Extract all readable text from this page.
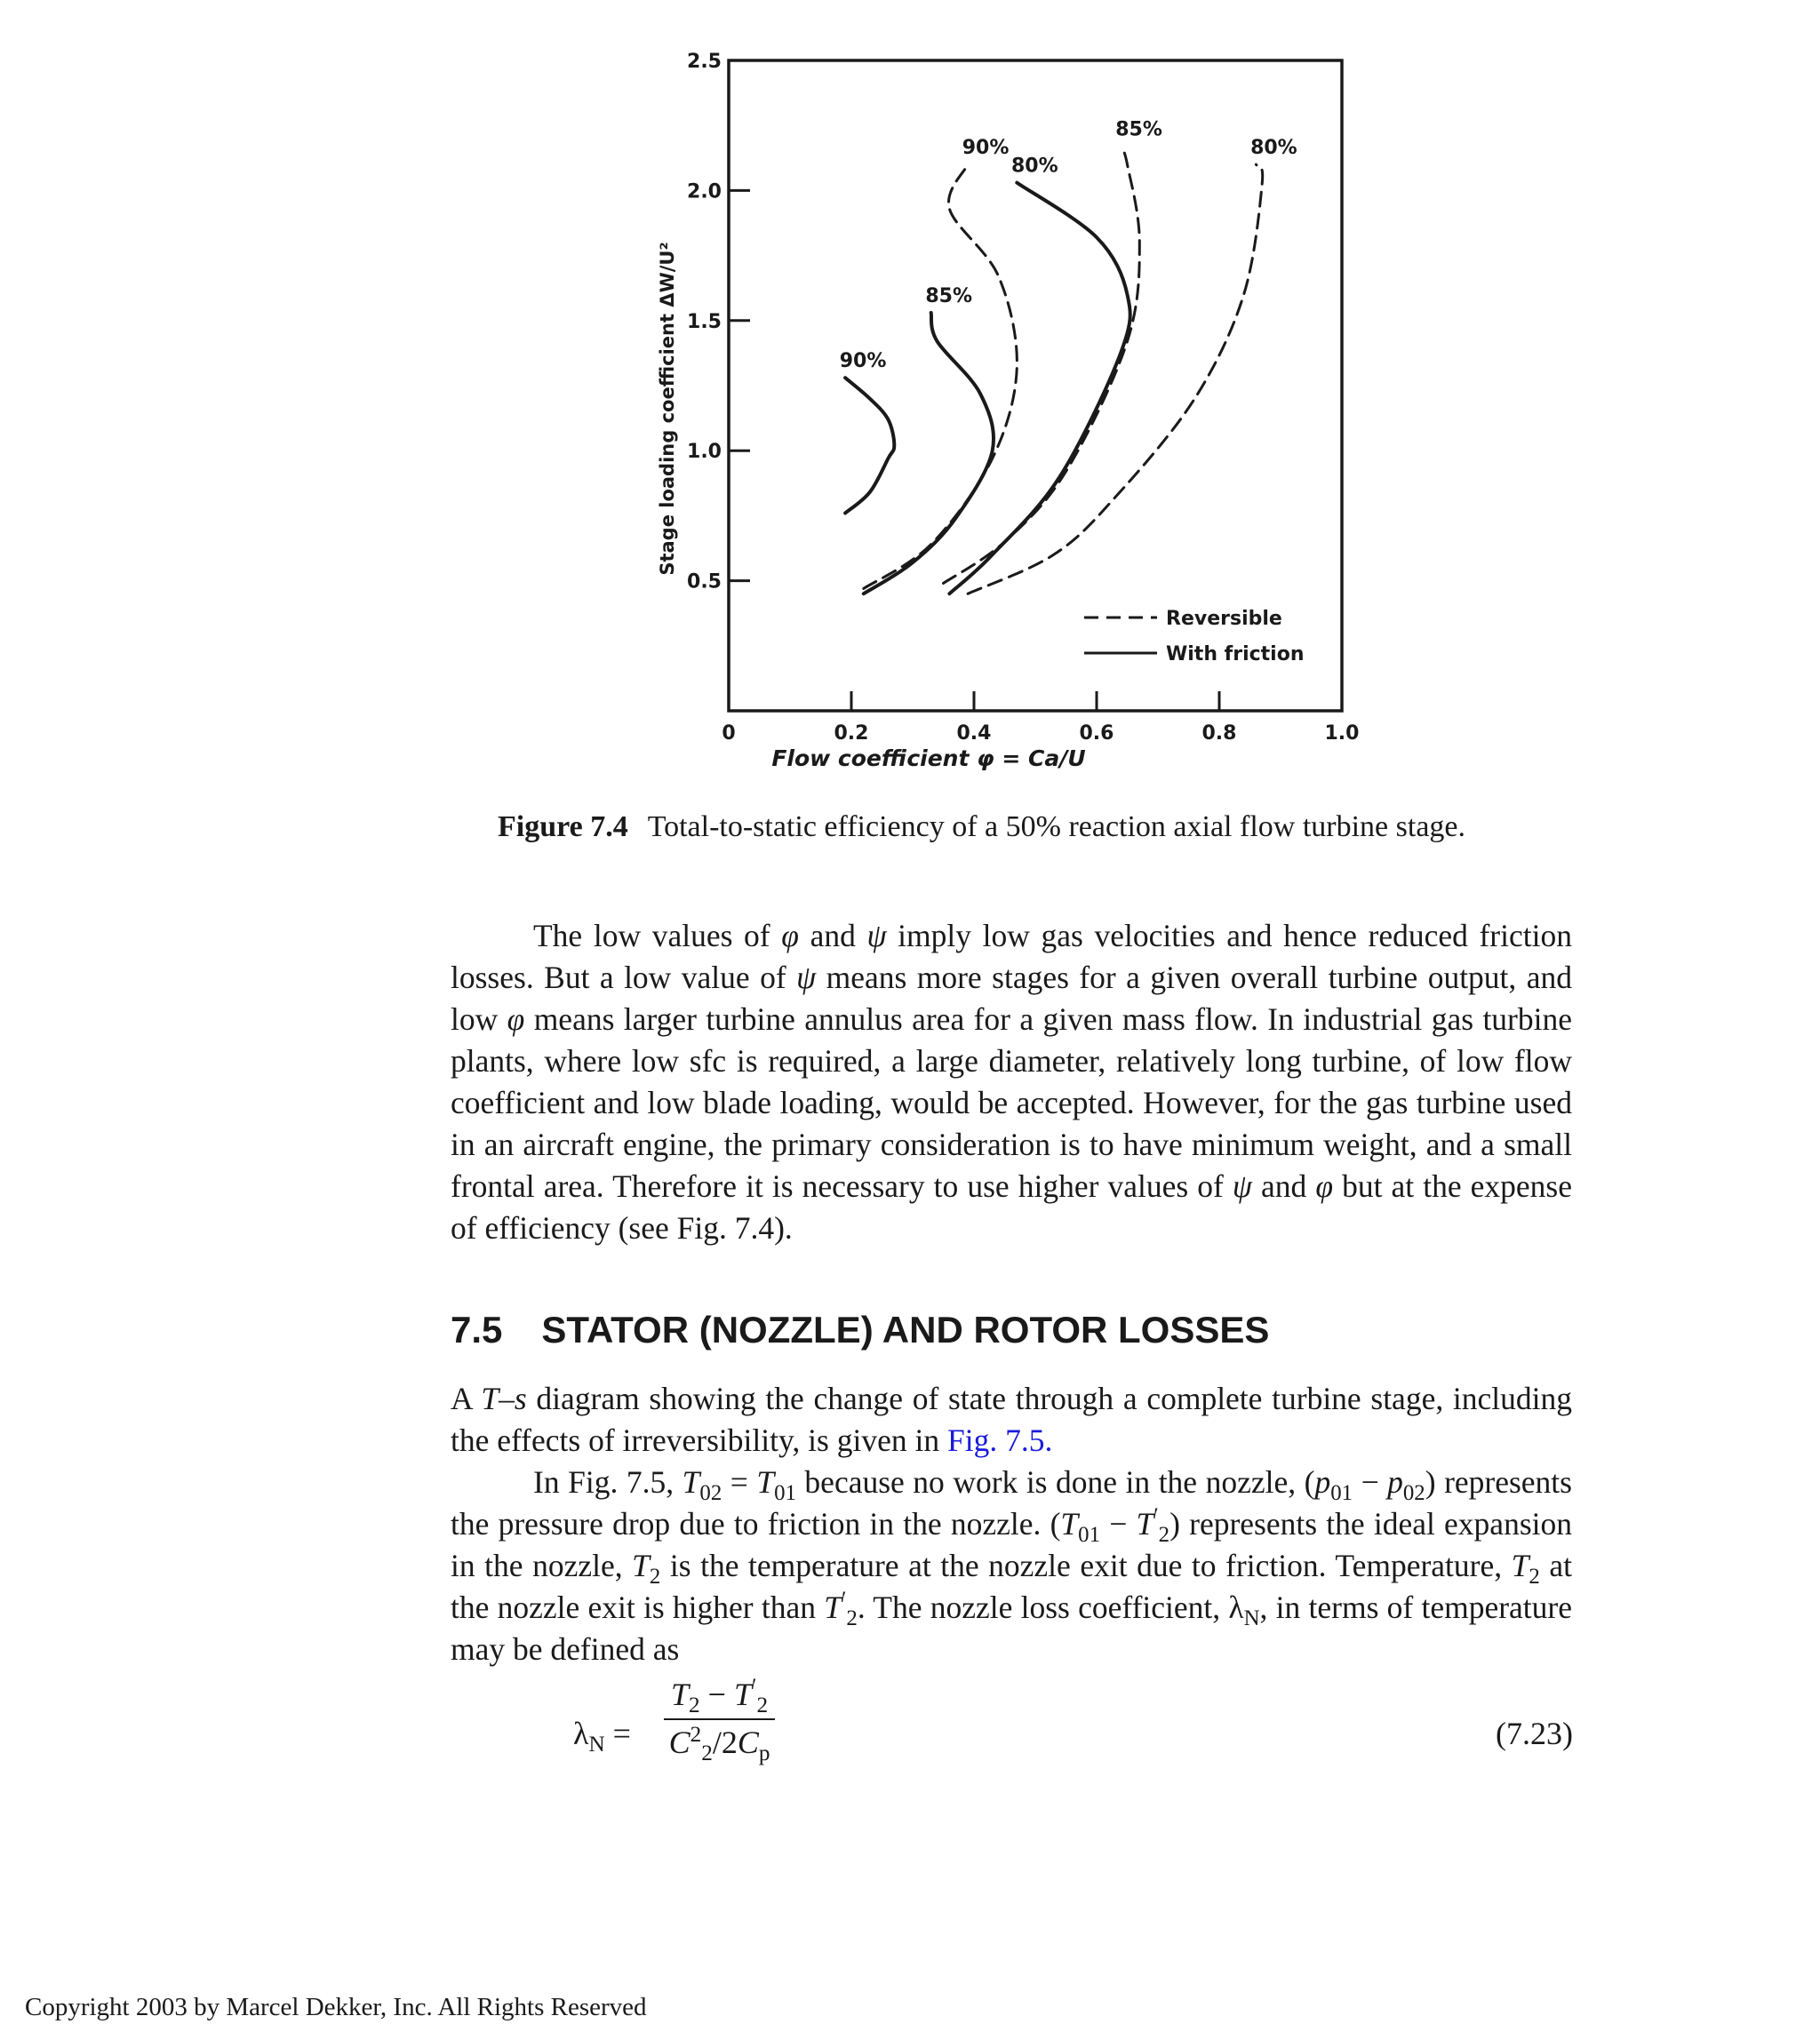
0	0.2	0.4	0.6	0.8	1.0
0.5
1.0
1.5
2.0
2.5
90%
85%
80%
90%
85%
80%
Reversible
With friction
Flow coefficient φ = Ca/U
Stage loading coefficient ΔW/U²
Figure 7.4 Total-to-static efficiency of a 50% reaction axial flow turbine stage.

The low values of φ and ψ imply low gas velocities and hence reduced friction losses. But a low value of ψ means more stages for a given overall turbine output, and low φ means larger turbine annulus area for a given mass flow. In industrial gas turbine plants, where low sfc is required, a large diameter, relatively long turbine, of low flow coefficient and low blade loading, would be accepted. However, for the gas turbine used in an aircraft engine, the primary consideration is to have minimum weight, and a small frontal area. Therefore it is necessary to use higher values of ψ and φ but at the expense of efficiency (see Fig. 7.4).

7.5 STATOR (NOZZLE) AND ROTOR LOSSES

A T–s diagram showing the change of state through a complete turbine stage, including the effects of irreversibility, is given in Fig. 7.5.

In Fig. 7.5, $T_{02} = T_{01}$ because no work is done in the nozzle, $(p_{01} - p_{02})$ represents the pressure drop due to friction in the nozzle. $(T_{01} - T'_2)$ represents the ideal expansion in the nozzle, $T_2$ is the temperature at the nozzle exit due to friction. Temperature, $T_2$ at the nozzle exit is higher than $T'_2$. The nozzle loss coefficient, $\lambda_N$, in terms of temperature may be defined as

$\lambda_N = \frac{T_2 - T'_2}{C^2_2/2C_p}$	(7.23)
Copyright 2003 by Marcel Dekker, Inc. All Rights Reserved
